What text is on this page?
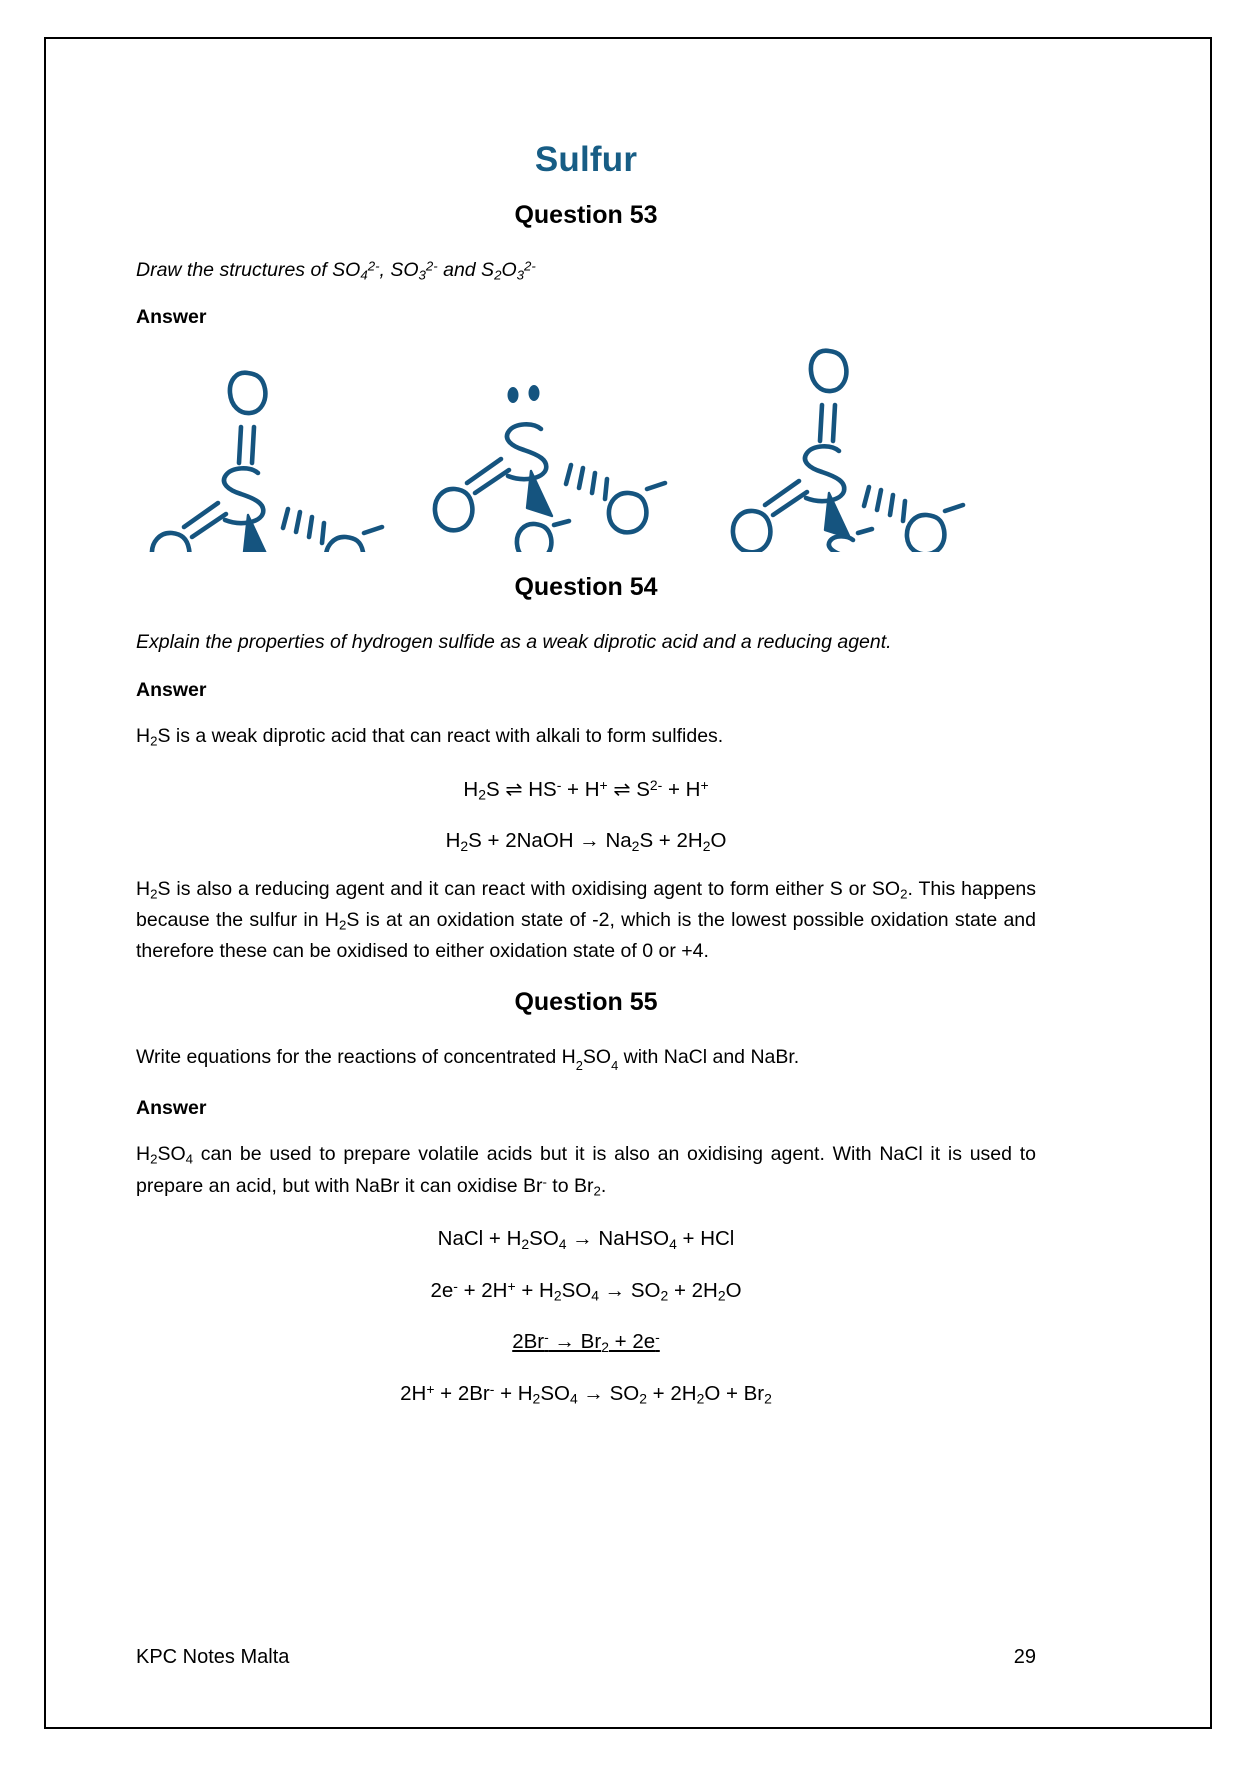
Sulfur
Question 53
Draw the structures of $SO_4^{2-}$, $SO_3^{2-}$ and $S_2O_3^{2-}$
Answer
Question 54
Explain the properties of hydrogen sulfide as a weak diprotic acid and a reducing agent.
Answer
$H_2S$ is a weak diprotic acid that can react with alkali to form sulfides.
$H_2S$ ⇌ HS- + H+ ⇌ $S^{2-} + H^+$
$H_2S$ + 2NaOH → $Na_2S + 2H_2O$
$H_2S$ is also a reducing agent and it can react with oxidising agent to form either S or $SO_2$. This happens because the sulfur in $H_2S$ is at an oxidation state of -2, which is the lowest possible oxidation state and therefore these can be oxidised to either oxidation state of 0 or +4.
Question 55
Write equations for the reactions of concentrated $H_2SO_4$ with NaCl and NaBr.
Answer
$H_2SO_4$ can be used to prepare volatile acids but it is also an oxidising agent. With NaCl it is used to prepare an acid, but with NaBr it can oxidise Br- to $Br_2$.
NaCl + $H_2SO_4$ → NaHSO$_4$ + HCl
$2e^- + 2H^+ + H_2SO_4 \to SO_2 + 2H_2O$
$2Br^- \to Br_2 + 2e^-$
$2H^+ + 2Br^- + H_2SO_4 \to SO_2 + 2H_2O + Br_2$
KPC Notes Malta	29
